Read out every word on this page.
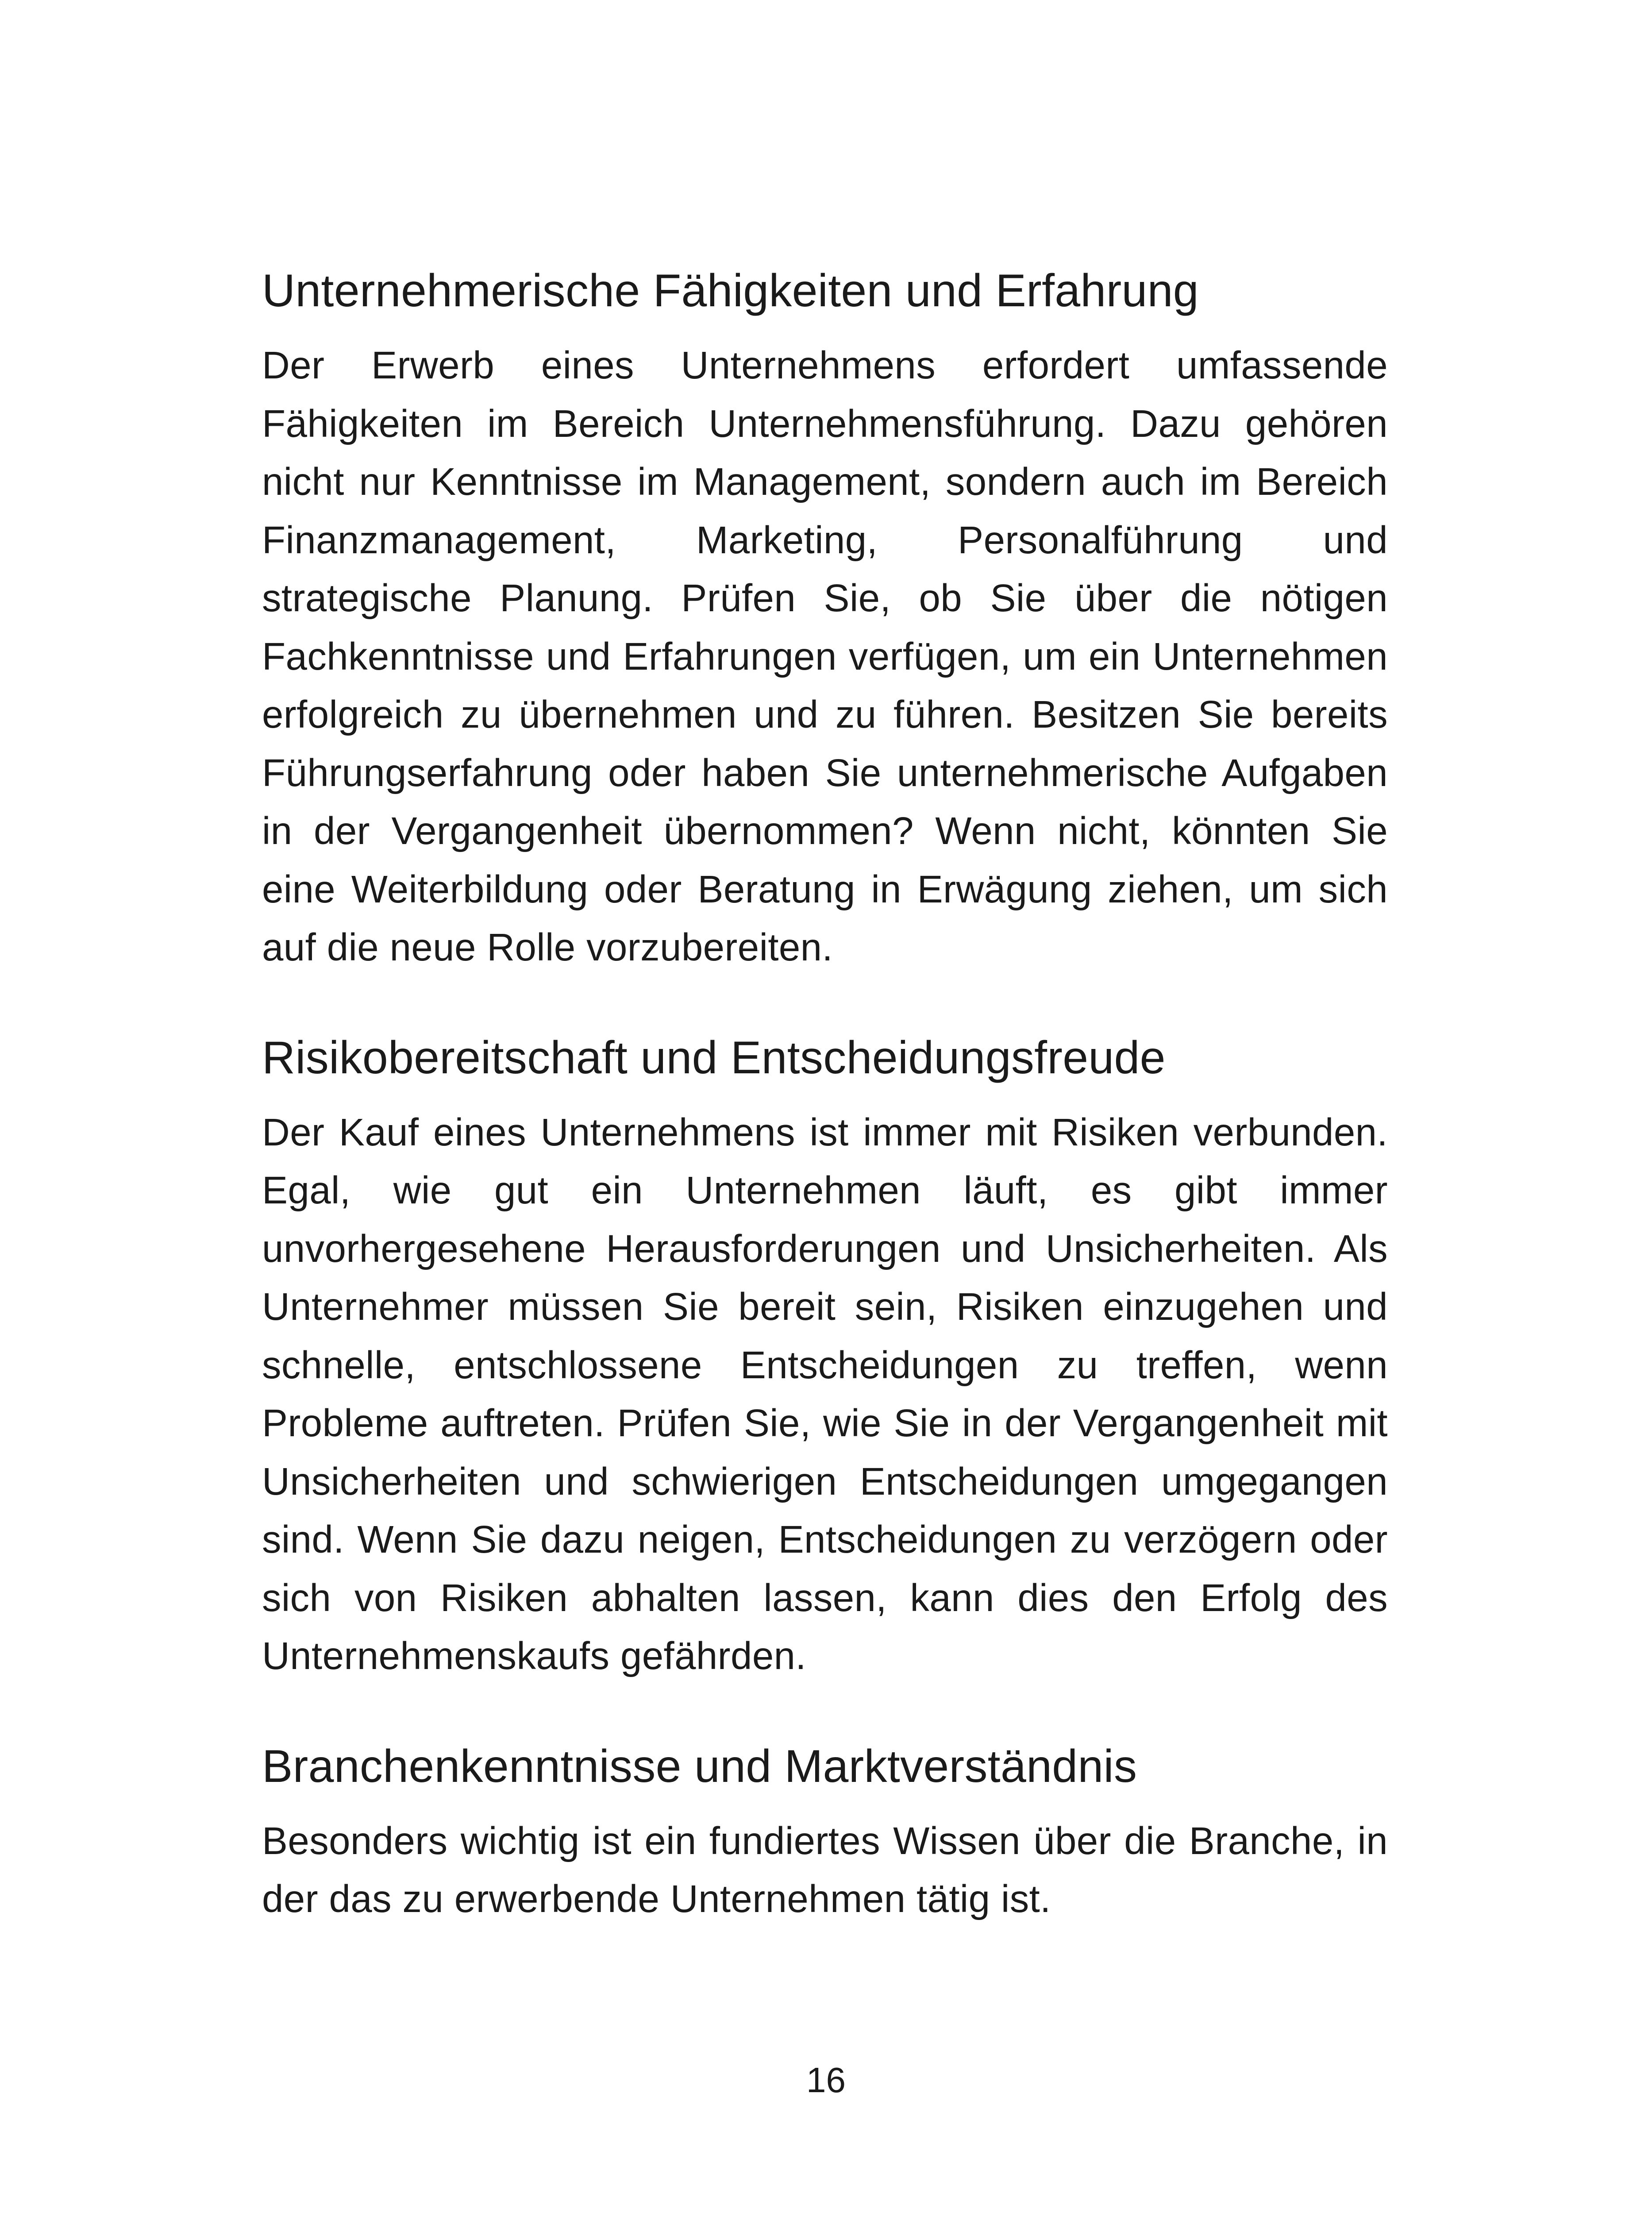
Unternehmerische Fähigkeiten und Erfahrung

Der Erwerb eines Unternehmens erfordert umfassende Fähigkeiten im Bereich Unternehmensführung. Dazu gehören nicht nur Kenntnisse im Management, sondern auch im Bereich Finanzmanagement, Marketing, Personalführung und strategische Planung. Prüfen Sie, ob Sie über die nötigen Fachkenntnisse und Erfahrungen verfügen, um ein Unternehmen erfolgreich zu übernehmen und zu führen. Besitzen Sie bereits Führungserfahrung oder haben Sie unternehmerische Aufgaben in der Vergangenheit übernommen? Wenn nicht, könnten Sie eine Weiterbildung oder Beratung in Erwägung ziehen, um sich auf die neue Rolle vorzubereiten.

Risikobereitschaft und Entscheidungsfreude

Der Kauf eines Unternehmens ist immer mit Risiken verbunden. Egal, wie gut ein Unternehmen läuft, es gibt immer unvorhergesehene Herausforderungen und Unsicherheiten. Als Unternehmer müssen Sie bereit sein, Risiken einzugehen und schnelle, entschlossene Entscheidungen zu treffen, wenn Probleme auftreten. Prüfen Sie, wie Sie in der Vergangenheit mit Unsicherheiten und schwierigen Entscheidungen umgegangen sind. Wenn Sie dazu neigen, Entscheidungen zu verzögern oder sich von Risiken abhalten lassen, kann dies den Erfolg des Unternehmenskaufs gefährden.

Branchenkenntnisse und Marktverständnis

Besonders wichtig ist ein fundiertes Wissen über die Branche, in der das zu erwerbende Unternehmen tätig ist.

16
